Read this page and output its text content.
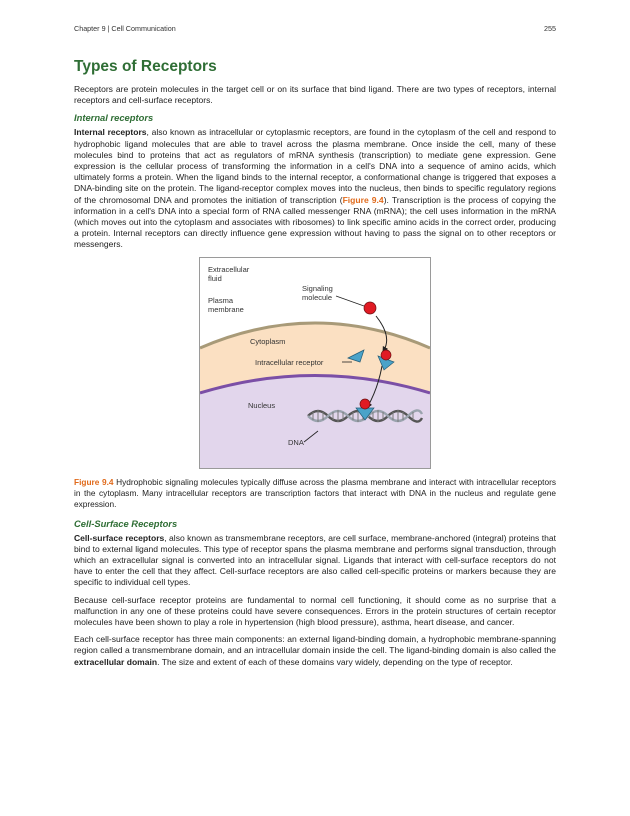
Chapter 9 | Cell Communication	255
Types of Receptors

Receptors are protein molecules in the target cell or on its surface that bind ligand. There are two types of receptors, internal receptors and cell-surface receptors.

Internal receptors

Internal receptors, also known as intracellular or cytoplasmic receptors, are found in the cytoplasm of the cell and respond to hydrophobic ligand molecules that are able to travel across the plasma membrane. Once inside the cell, many of these molecules bind to proteins that act as regulators of mRNA synthesis (transcription) to mediate gene expression. Gene expression is the cellular process of transforming the information in a cell's DNA into a sequence of amino acids, which ultimately forms a protein. When the ligand binds to the internal receptor, a conformational change is triggered that exposes a DNA-binding site on the protein. The ligand-receptor complex moves into the nucleus, then binds to specific regulatory regions of the chromosomal DNA and promotes the initiation of transcription (Figure 9.4). Transcription is the process of copying the information in a cell's DNA into a special form of RNA called messenger RNA (mRNA); the cell uses information in the mRNA (which moves out into the cytoplasm and associates with ribosomes) to link specific amino acids in the correct order, producing a protein. Internal receptors can directly influence gene expression without having to pass the signal on to other receptors or messengers.

Extracellular
fluid
Plasma
membrane
Signaling
molecule
Cytoplasm
Intracellular receptor
Nucleus
DNA

Figure 9.4 Hydrophobic signaling molecules typically diffuse across the plasma membrane and interact with intracellular receptors in the cytoplasm. Many intracellular receptors are transcription factors that interact with DNA in the nucleus and regulate gene expression.

Cell-Surface Receptors

Cell-surface receptors, also known as transmembrane receptors, are cell surface, membrane-anchored (integral) proteins that bind to external ligand molecules. This type of receptor spans the plasma membrane and performs signal transduction, through which an extracellular signal is converted into an intracellular signal. Ligands that interact with cell-surface receptors do not have to enter the cell that they affect. Cell-surface receptors are also called cell-specific proteins or markers because they are specific to individual cell types.

Because cell-surface receptor proteins are fundamental to normal cell functioning, it should come as no surprise that a malfunction in any one of these proteins could have severe consequences. Errors in the protein structures of certain receptor molecules have been shown to play a role in hypertension (high blood pressure), asthma, heart disease, and cancer.

Each cell-surface receptor has three main components: an external ligand-binding domain, a hydrophobic membrane-spanning region called a transmembrane domain, and an intracellular domain inside the cell. The ligand-binding domain is also called the extracellular domain. The size and extent of each of these domains vary widely, depending on the type of receptor.
